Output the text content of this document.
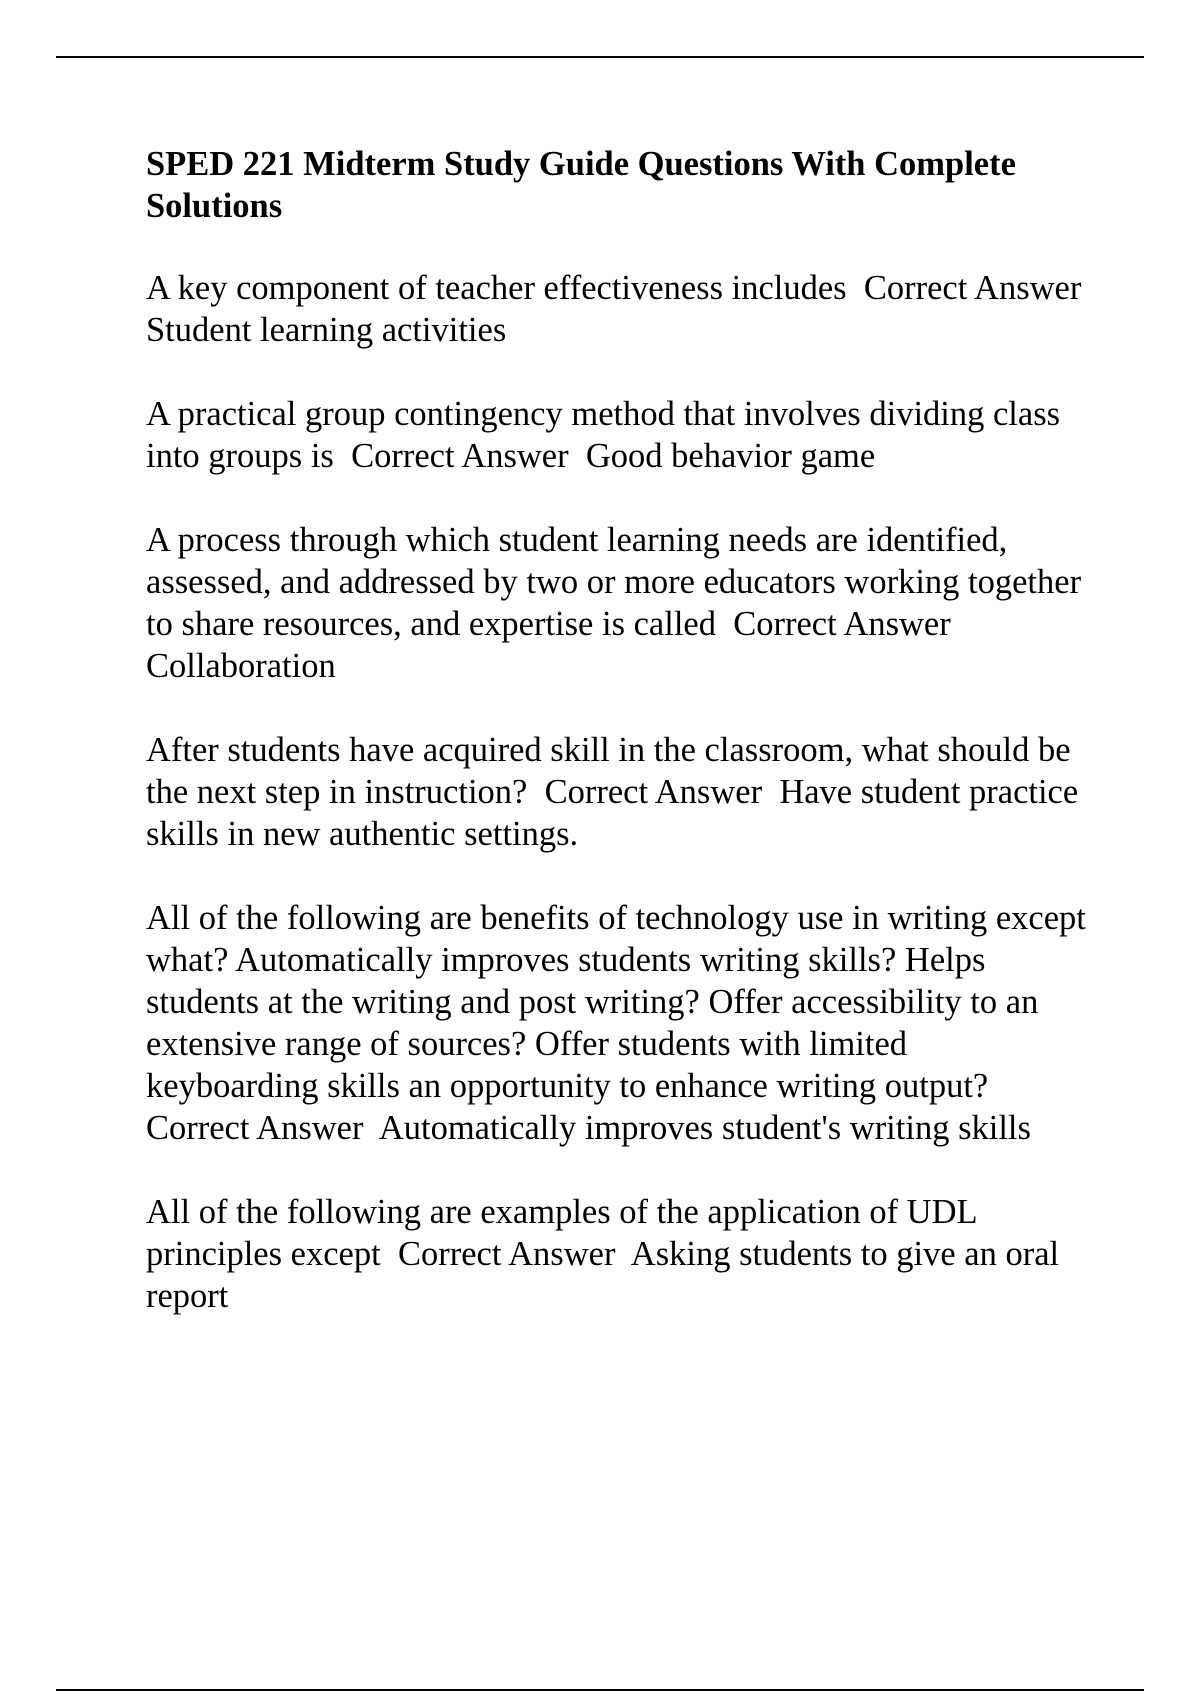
SPED 221 Midterm Study Guide Questions With Complete Solutions

A key component of teacher effectiveness includes Correct Answer  Student learning activities

A practical group contingency method that involves dividing class into groups is Correct Answer Good behavior game

A process through which student learning needs are identified, assessed, and addressed by two or more educators working together to share resources, and expertise is called Correct Answer  Collaboration

After students have acquired skill in the classroom, what should be the next step in instruction? Correct Answer Have student practice skills in new authentic settings.

All of the following are benefits of technology use in writing except what? Automatically improves students writing skills? Helps students at the writing and post writing? Offer accessibility to an extensive range of sources? Offer students with limited keyboarding skills an opportunity to enhance writing output?  Correct Answer Automatically improves student's writing skills

All of the following are examples of the application of UDL principles except Correct Answer Asking students to give an oral report
